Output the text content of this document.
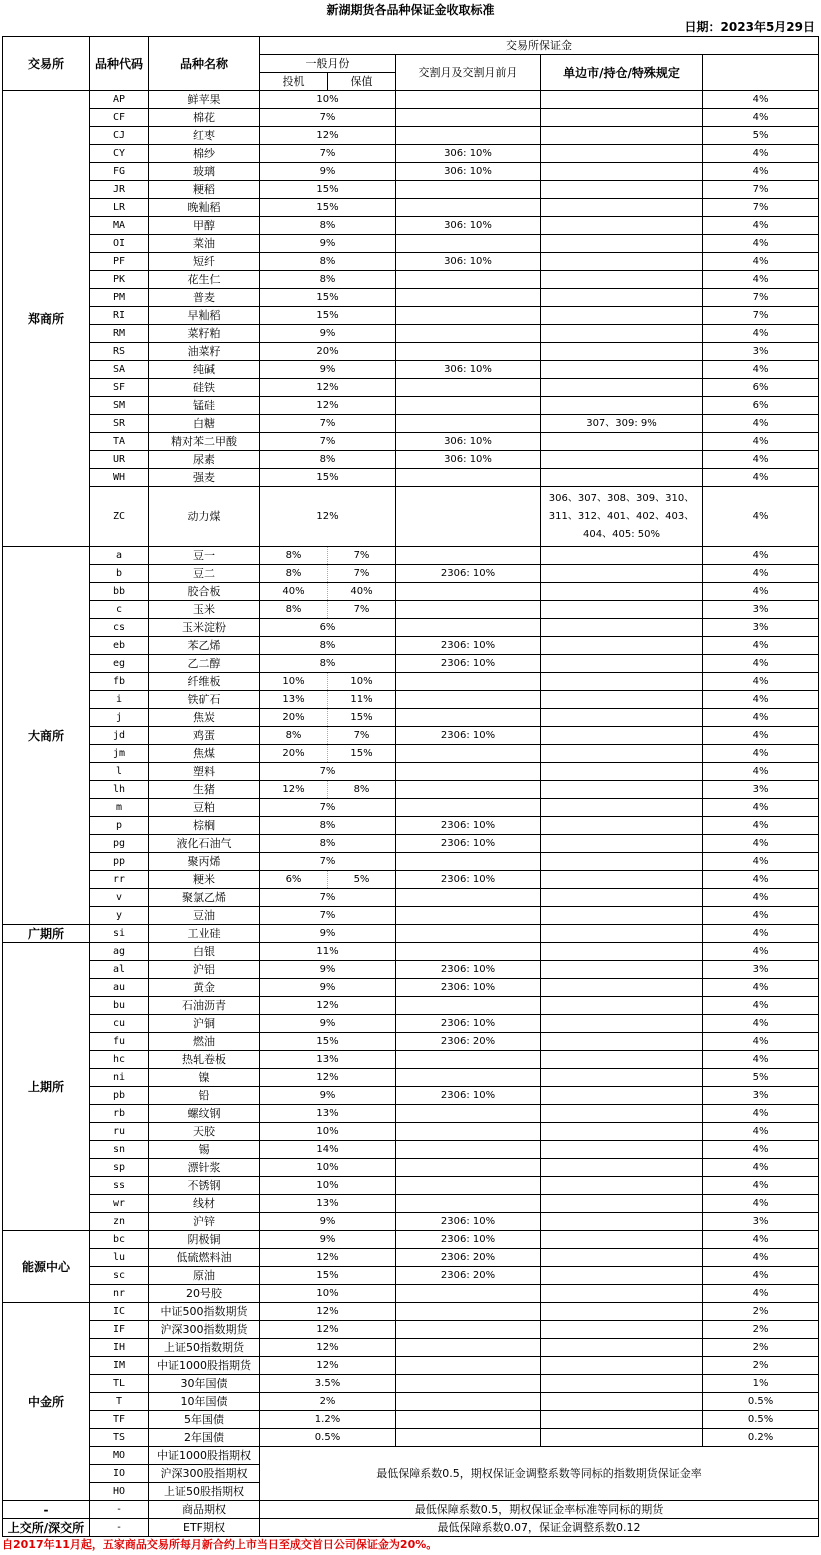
新湖期货各品种保证金收取标准
日期：2023年5月29日
交易所	品种代码	品种名称	交易所保证金	
			一般月份		交割月及交割月前月	单边市/持仓/特殊规定		
			投机	保值				
郑商所	AP	鲜苹果	10%				4%	
	CF	棉花	7%				4%	
	CJ	红枣	12%				5%	
	CY	棉纱	7%		306: 10%		4%	
	FG	玻璃	9%		306: 10%		4%	
	JR	粳稻	15%				7%	
	LR	晚籼稻	15%				7%	
	MA	甲醇	8%		306: 10%		4%	
	OI	菜油	9%				4%	
	PF	短纤	8%		306: 10%		4%	
	PK	花生仁	8%				4%	
	PM	普麦	15%				7%	
	RI	早籼稻	15%				7%	
	RM	菜籽粕	9%				4%	
	RS	油菜籽	20%				3%	
	SA	纯碱	9%		306: 10%		4%	
	SF	硅铁	12%				6%	
	SM	锰硅	12%				6%	
	SR	白糖	7%			307、309: 9%	4%	
	TA	精对苯二甲酸	7%		306: 10%		4%	
	UR	尿素	8%		306: 10%		4%	
	WH	强麦	15%				4%	
	ZC	动力煤	12%			306、307、308、309、310、311、312、401、402、403、404、405: 50%	4%	
大商所	a	豆一	8%	7%			4%	
	b	豆二	8%	7%	2306: 10%		4%	
	bb	胶合板	40%	40%			4%	
	c	玉米	8%	7%			3%	
	cs	玉米淀粉	6%				3%	
	eb	苯乙烯	8%		2306: 10%		4%	
	eg	乙二醇	8%		2306: 10%		4%	
	fb	纤维板	10%	10%			4%	
	i	铁矿石	13%	11%			4%	
	j	焦炭	20%	15%			4%	
	jd	鸡蛋	8%	7%	2306: 10%		4%	
	jm	焦煤	20%	15%			4%	
	l	塑料	7%				4%	
	lh	生猪	12%	8%			3%	
	m	豆粕	7%				4%	
	p	棕榈	8%		2306: 10%		4%	
	pg	液化石油气	8%		2306: 10%		4%	
	pp	聚丙烯	7%				4%	
	rr	粳米	6%	5%	2306: 10%		4%	
	v	聚氯乙烯	7%				4%	
	y	豆油	7%				4%	
广期所	si	工业硅	9%				4%	
上期所	ag	白银	11%				4%	
	al	沪铝	9%		2306: 10%		3%	
	au	黄金	9%		2306: 10%		4%	
	bu	石油沥青	12%				4%	
	cu	沪铜	9%		2306: 10%		4%	
	fu	燃油	15%		2306: 20%		4%	
	hc	热轧卷板	13%				4%	
	ni	镍	12%				5%	
	pb	铅	9%		2306: 10%		3%	
	rb	螺纹钢	13%				4%	
	ru	天胶	10%				4%	
	sn	锡	14%				4%	
	sp	漂针浆	10%				4%	
	ss	不锈钢	10%				4%	
	wr	线材	13%				4%	
	zn	沪锌	9%		2306: 10%		3%	
能源中心	bc	阴极铜	9%		2306: 10%		4%	
	lu	低硫燃料油	12%		2306: 20%		4%	
	sc	原油	15%		2306: 20%		4%	
	nr	20号胶	10%				4%	
中金所	IC	中证500指数期货	12%				2%	
	IF	沪深300指数期货	12%				2%	
	IH	上证50指数期货	12%				2%	
	IM	中证1000股指期货	12%				2%	
	TL	30年国债	3.5%				1%	
	T	10年国债	2%				0.5%	
	TF	5年国债	1.2%				0.5%	
	TS	2年国债	0.5%				0.2%	
	MO	中证1000股指期权	最低保障系数0.5，期权保证金调整系数等同标的指数期货保证金率					
	IO	沪深300股指期权						
	HO	上证50股指期权						
-	-	商品期权	最低保障系数0.5，期权保证金率标准等同标的期货					
上交所/深交所	-	ETF期权	最低保障系数0.07，保证金调整系数0.12	
自2017年11月起，五家商品交易所每月新合约上市当日至成交首日公司保证金为20%。
